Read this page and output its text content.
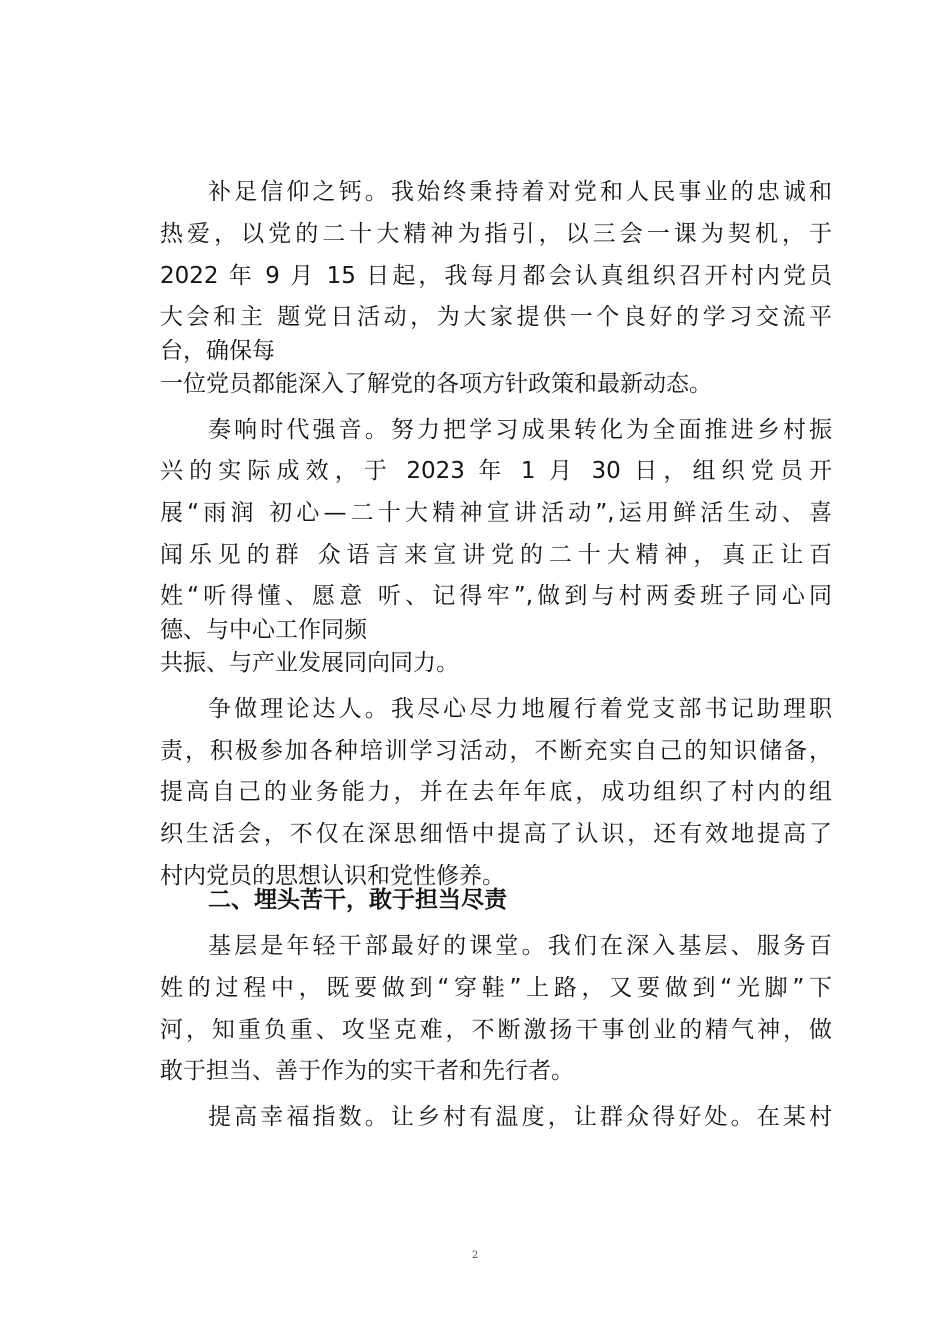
补足信仰之钙。我始终秉持着对党和人民事业的忠诚和
热爱，以党的二十大精神为指引，以三会一课为契机，于
2022 年 9 月 15 日起，我每月都会认真组织召开村内党员
大会和主 题党日活动，为大家提供一个良好的学习交流平
台，确保每
一位党员都能深入了解党的各项方针政策和最新动态。
奏响时代强音。努力把学习成果转化为全面推进乡村振
兴的实际成效，于 2023 年 1 月 30 日，组织党员开
展“雨润 初心—二十大精神宣讲活动”,运用鲜活生动、喜
闻乐见的群 众语言来宣讲党的二十大精神，真正让百
姓“听得懂、愿意 听、记得牢”,做到与村两委班子同心同
德、与中心工作同频
共振、与产业发展同向同力。
争做理论达人。我尽心尽力地履行着党支部书记助理职
责，积极参加各种培训学习活动，不断充实自己的知识储备，
提高自己的业务能力，并在去年年底，成功组织了村内的组
织生活会，不仅在深思细悟中提高了认识，还有效地提高了
村内党员的思想认识和党性修养。
二、埋头苦干，敢于担当尽责
基层是年轻干部最好的课堂。我们在深入基层、服务百
姓的过程中，既要做到“穿鞋”上路，又要做到“光脚”下
河，知重负重、攻坚克难，不断激扬干事创业的精气神，做
敢于担当、善于作为的实干者和先行者。
提高幸福指数。让乡村有温度，让群众得好处。在某村
2
